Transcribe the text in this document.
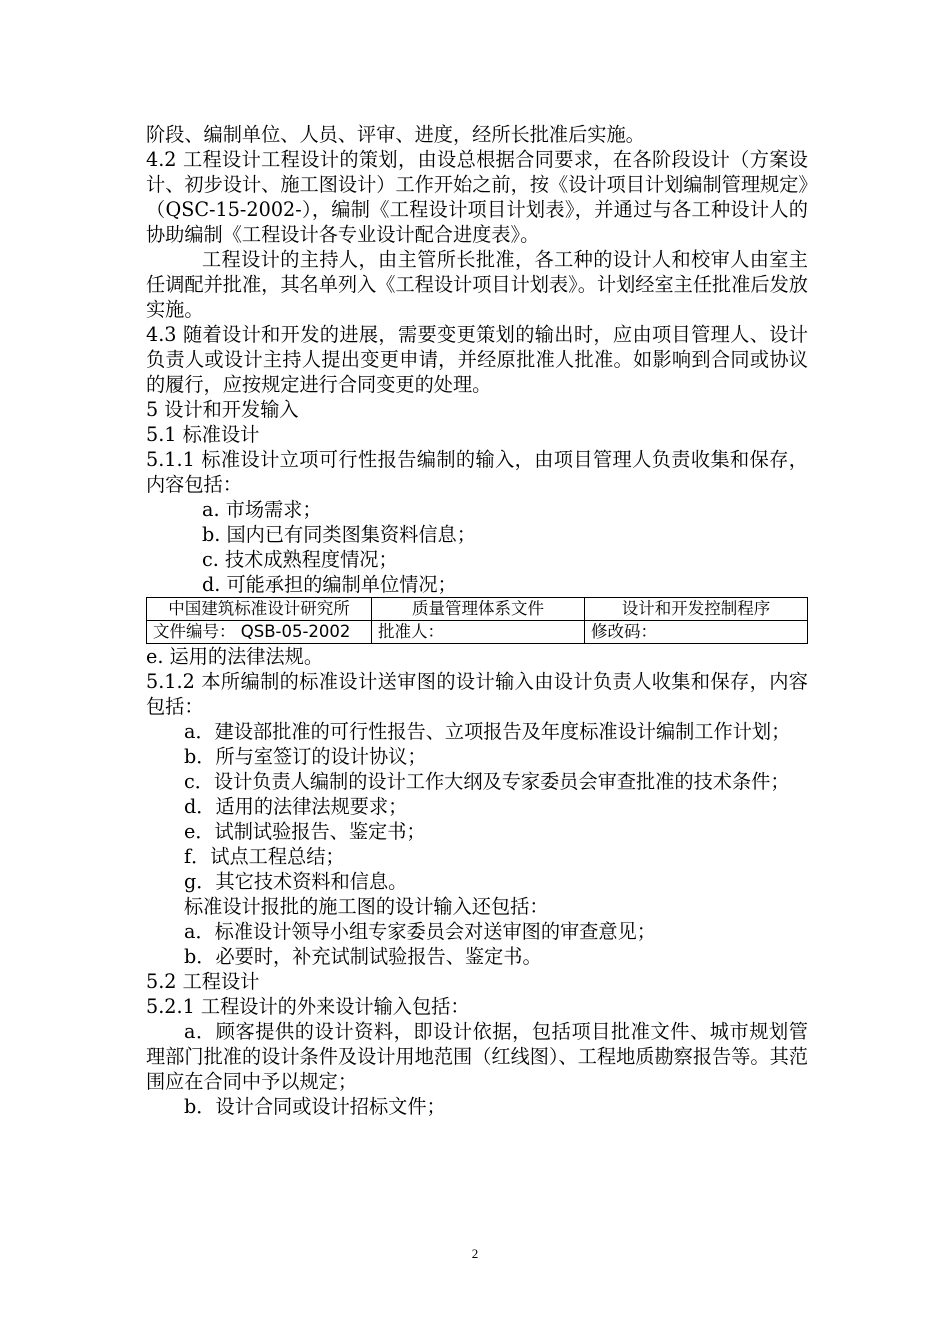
阶段、编制单位、人员、评审、进度，经所长批准后实施。

4.2 工程设计工程设计的策划，由设总根据合同要求，在各阶段设计（方案设计、初步设计、施工图设计）工作开始之前，按《设计项目计划编制管理规定》（QSC-15-2002-），编制《工程设计项目计划表》，并通过与各工种设计人的协助编制《工程设计各专业设计配合进度表》。

工程设计的主持人，由主管所长批准，各工种的设计人和校审人由室主任调配并批准，其名单列入《工程设计项目计划表》。计划经室主任批准后发放实施。

4.3 随着设计和开发的进展，需要变更策划的输出时，应由项目管理人、设计负责人或设计主持人提出变更申请，并经原批准人批准。如影响到合同或协议的履行，应按规定进行合同变更的处理。

5 设计和开发输入

5.1 标准设计

5.1.1 标准设计立项可行性报告编制的输入，由项目管理人负责收集和保存，内容包括：

a. 市场需求；

b. 国内已有同类图集资料信息；

c. 技术成熟程度情况；

d. 可能承担的编制单位情况；

中国建筑标准设计研究所	质量管理体系文件	设计和开发控制程序
文件编号： QSB-05-2002	批准人：	修改码：

e. 运用的法律法规。

5.1.2 本所编制的标准设计送审图的设计输入由设计负责人收集和保存，内容包括：

a．建设部批准的可行性报告、立项报告及年度标准设计编制工作计划；

b．所与室签订的设计协议；

c．设计负责人编制的设计工作大纲及专家委员会审查批准的技术条件；

d．适用的法律法规要求；

e．试制试验报告、鉴定书；

f．试点工程总结；

g．其它技术资料和信息。

标准设计报批的施工图的设计输入还包括：

a．标准设计领导小组专家委员会对送审图的审查意见；

b．必要时，补充试制试验报告、鉴定书。

5.2 工程设计

5.2.1 工程设计的外来设计输入包括：

a．顾客提供的设计资料，即设计依据，包括项目批准文件、城市规划管理部门批准的设计条件及设计用地范围（红线图）、工程地质勘察报告等。其范围应在合同中予以规定；

b．设计合同或设计招标文件；

2
